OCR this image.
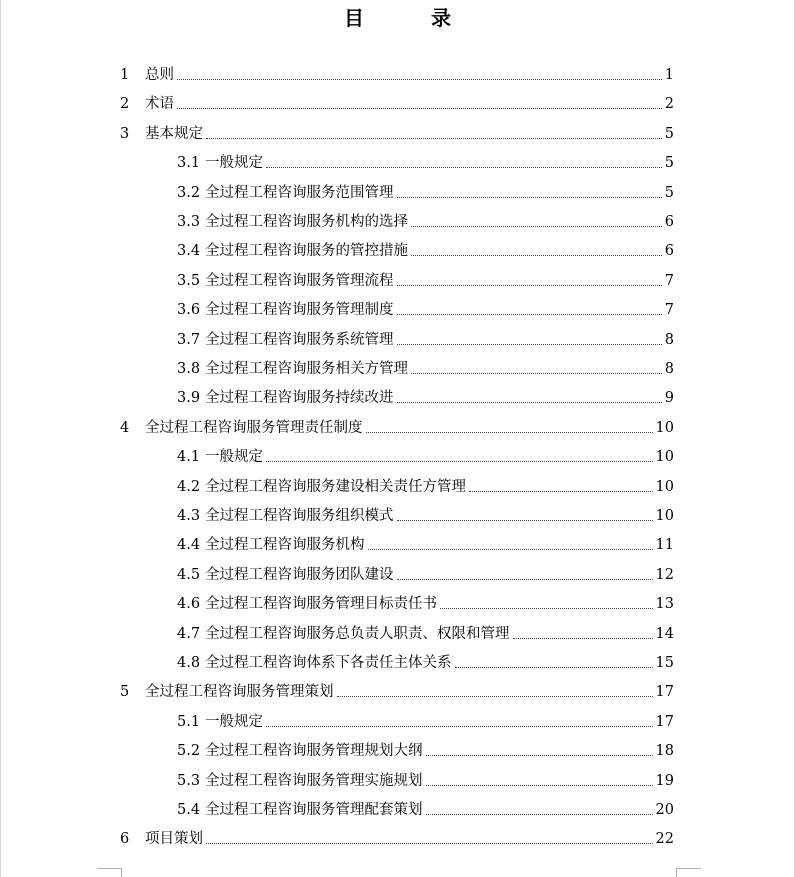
目 录
1 总则	1
2 术语	2
3 基本规定	5
3.1 一般规定	5
3.2 全过程工程咨询服务范围管理	5
3.3 全过程工程咨询服务机构的选择	6
3.4 全过程工程咨询服务的管控措施	6
3.5 全过程工程咨询服务管理流程	7
3.6 全过程工程咨询服务管理制度	7
3.7 全过程工程咨询服务系统管理	8
3.8 全过程工程咨询服务相关方管理	8
3.9 全过程工程咨询服务持续改进	9
4 全过程工程咨询服务管理责任制度	10
4.1 一般规定	10
4.2 全过程工程咨询服务建设相关责任方管理	10
4.3 全过程工程咨询服务组织模式	10
4.4 全过程工程咨询服务机构	11
4.5 全过程工程咨询服务团队建设	12
4.6 全过程工程咨询服务管理目标责任书	13
4.7 全过程工程咨询服务总负责人职责、权限和管理	14
4.8 全过程工程咨询体系下各责任主体关系	15
5 全过程工程咨询服务管理策划	17
5.1 一般规定	17
5.2 全过程工程咨询服务管理规划大纲	18
5.3 全过程工程咨询服务管理实施规划	19
5.4 全过程工程咨询服务管理配套策划	20
6 项目策划	22
